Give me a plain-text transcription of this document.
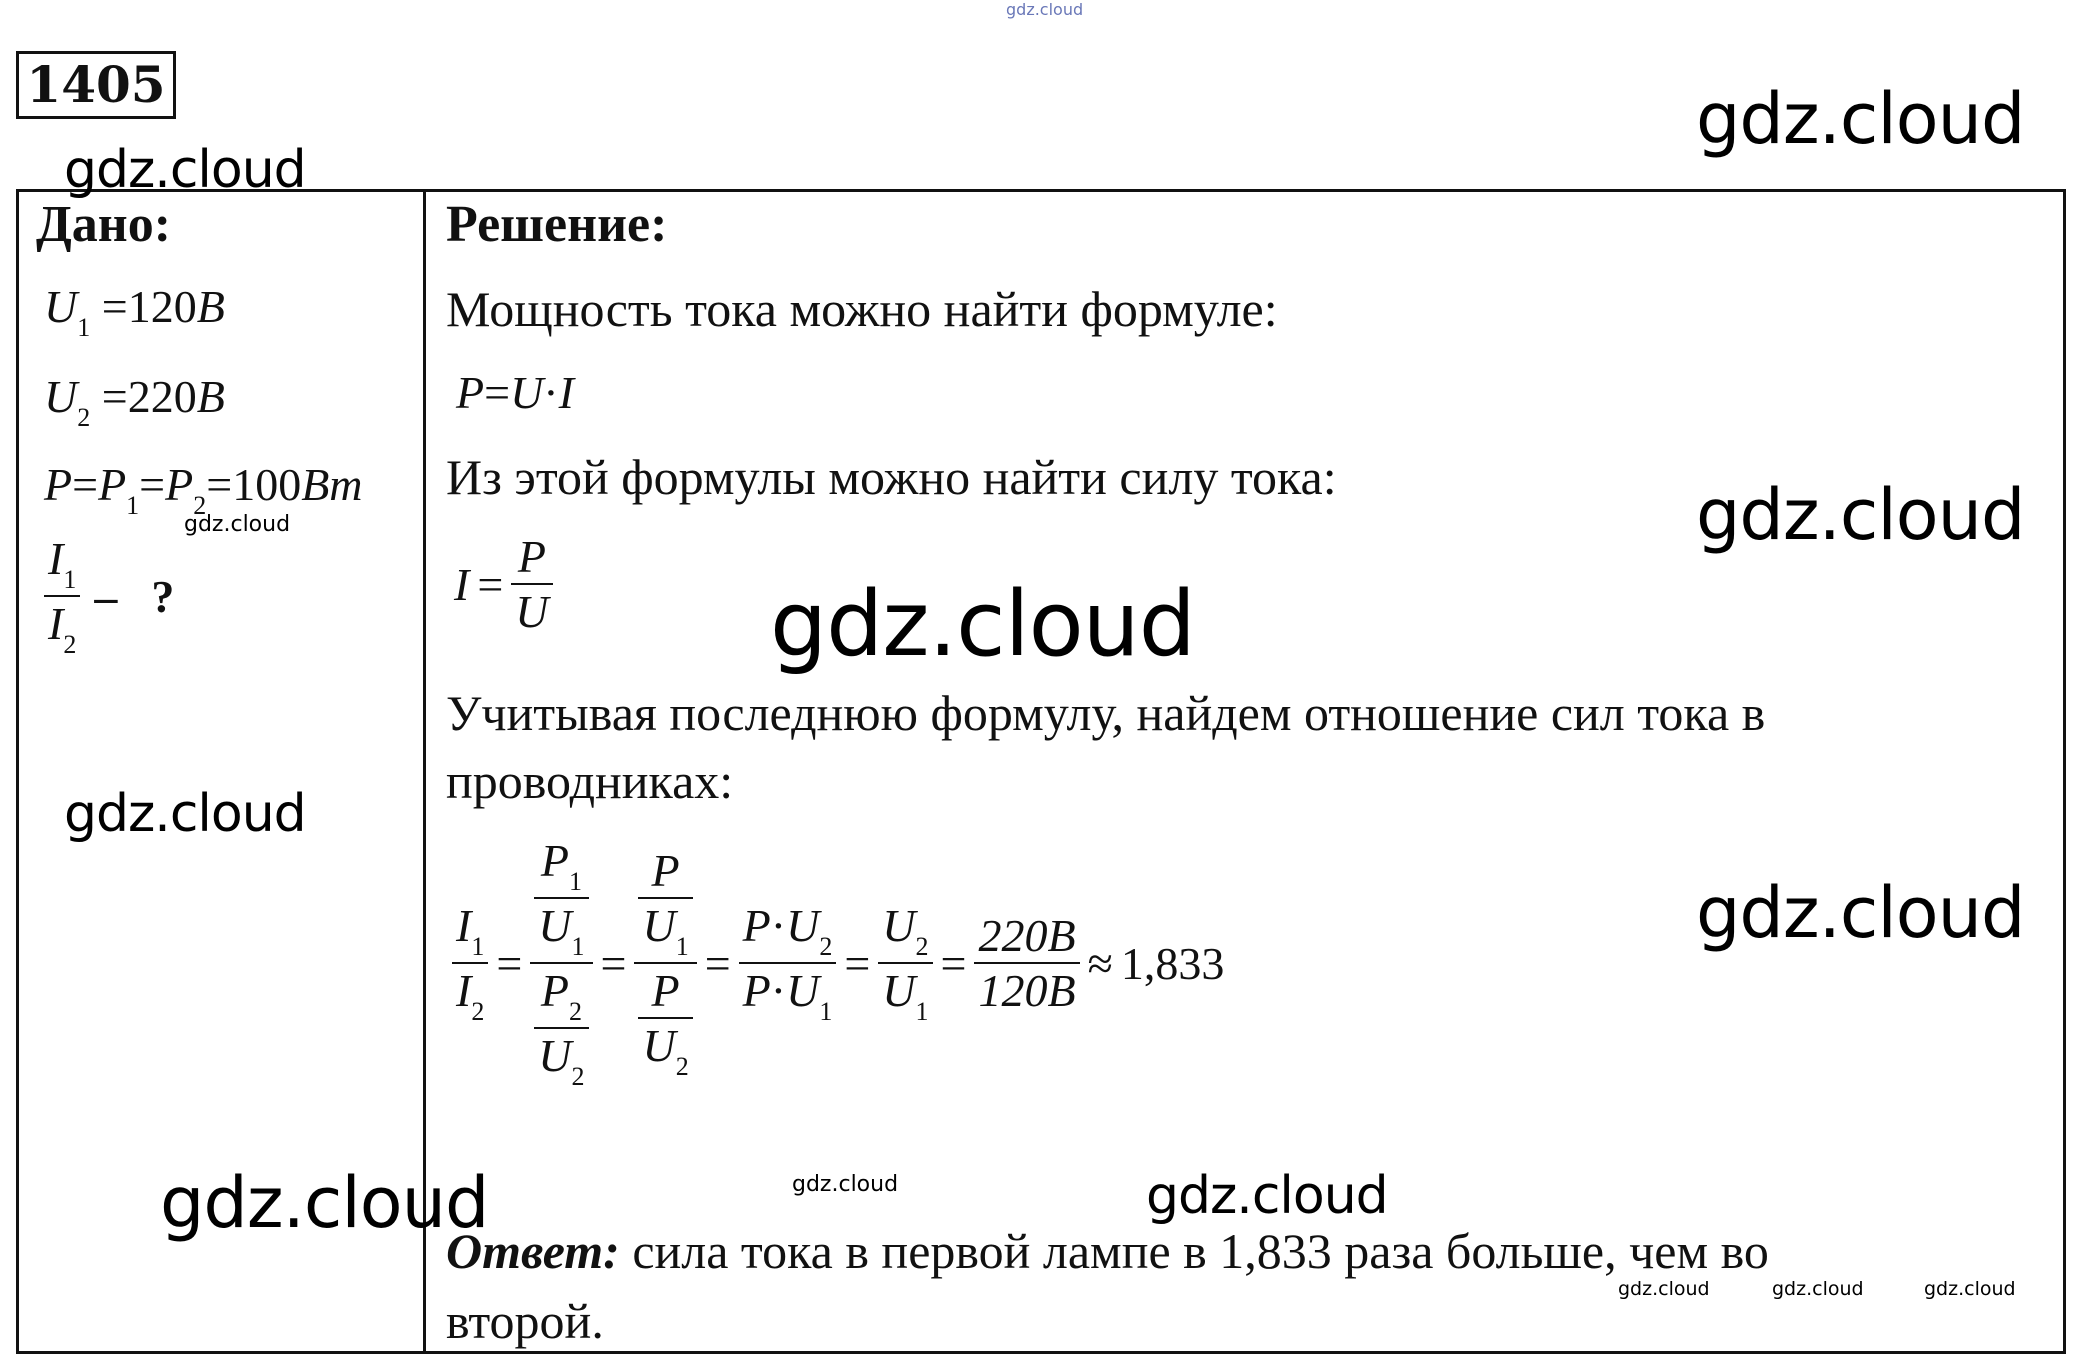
gdz.cloud
1405
Дано:
$U_1 =120B$
$U_2 =220B$
$P=P_1=P_2=100Bm$
$\frac{I_1}{I_2}$ – ?
Решение:
Мощность тока можно найти формуле:
P=U·I
Из этой формулы можно найти силу тока:
$I = \frac{P}{U}$
Учитывая последнюю формулу, найдем отношение сил тока в
проводниках:
$\frac{I_1}{I_2} = \frac{\frac{P_1}{U_1}}{\frac{P_2}{U_2}} = \frac{\frac{P}{U_1}}{\frac{P}{U_2}} = \frac{P\cdot U_2}{P\cdot U_1} = \frac{U_2}{U_1} = \frac{220B}{120B} \approx 1,833$
Ответ: сила тока в первой лампе в 1,833 раза больше, чем во
второй.
gdz.cloud
gdz.cloud
gdz.cloud	gdz.cloud
gdz.cloud
gdz.cloud
gdz.cloud
gdz.cloud	gdz.cloud	gdz.cloud
gdz.cloud	gdz.cloud	gdz.cloud
